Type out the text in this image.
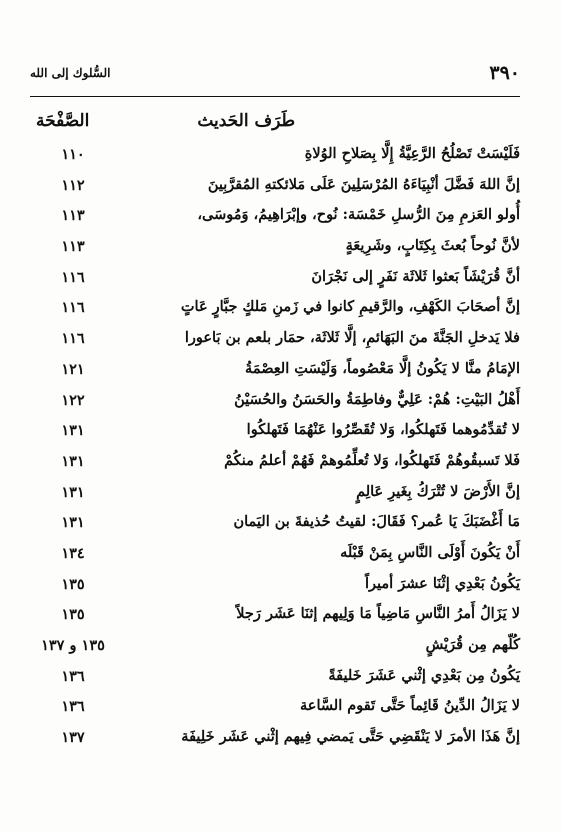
٣٩٠
السُّلوك إلى الله
طَرَف الحَديث
الصَّفْحَة
فَلَيْسَتْ تَصْلُحُ الرَّعِيَّةُ إِلَّا بِصَلاحِ الوُلاةِ
١١٠
إنَّ اللهَ فَضَّلَ أنْبِيَاءَهُ المُرْسَلِينَ عَلَى مَلائكتهِ المُقرَّبِينَ
١١٢
أُولو العَزمِ مِنَ الرُّسلِ خَمْسَة: نُوح، وإبْرَاهِيمُ، وَمُوسَى،
١١٣
لأنَّ نُوحاً بُعثَ بِكِتَابٍ، وشَرِيعَةٍ
١١٣
أنَّ قُرَيْشَاً بَعثوا ثَلاثَة نَفَرٍ إلى نَجْرَانَ
١١٦
إنَّ أصحَابَ الكَهْفِ، والرَّقيمِ كانوا في زَمنِ مَلكٍ جبَّارٍ عَاتٍ
١١٦
فلا يَدخلِ الجَنَّةَ منَ البَهَائمِ، إلَّا ثَلاثَة، حمَار بلعم بن بَاعورا
١١٦
الإمَامُ منَّا لا يَكُونُ إلَّا مَعْصُوماً، وَلَيْسَتِ العِصْمَةُ
١٢١
أَهْلُ البَيْتِ: هُمْ: عَلِيٌّ وفاطِمَةُ والحَسَنُ والحُسَيْنُ
١٢٢
لا تُقدِّمُوهما فَتَهلكُوا، وَلا تُقَصِّرُوا عَنْهُمَا فَتَهلكُوا
١٣١
فَلا تَسبقُوهُمْ فَتَهلكُوا، وَلا تُعلِّمُوهمْ فَهُمْ أعلمُ منكُمْ
١٣١
إنَّ الأَرْضَ لا تُتْرَكُ بِغَيرِ عَالِمٍ
١٣١
مَا أَغْضَبَكَ يَا عُمر؟ فَقَالَ: لقيتُ حُذيفةَ بن اليَمان
١٣١
أَنْ يَكُونَ أَوْلَى النَّاسِ بِمَنْ قَبْلَه
١٣٤
يَكُونُ بَعْدِي إثْنَا عشرَ أميراً
١٣٥
لا يَزَالُ أَمرُ النَّاسِ مَاضِياً مَا وَلِيهم إثنَا عَشَر رَجلاً
١٣٥
كُلّهم مِن قُرَيْشٍ
١٣٥ و ١٣٧
يَكُونُ مِن بَعْدِي إثْني عَشَرَ خَليفَةً
١٣٦
لا يَزَالُ الدِّينُ قَائِماً حَتَّى تَقوم السَّاعة
١٣٦
إنَّ هَذَا الأمرَ لا يَنْقَضِي حَتَّى يَمضي فِيهم إثْني عَشَر خَلِيفَة
١٣٧
